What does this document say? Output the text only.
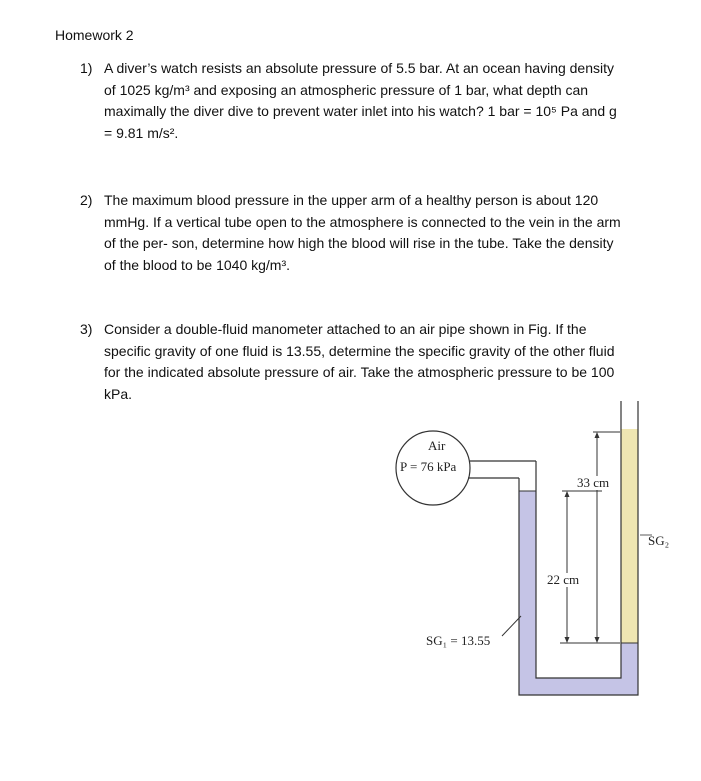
Homework 2
1) A diver’s watch resists an absolute pressure of 5.5 bar. At an ocean having density of 1025 kg/m³ and exposing an atmospheric pressure of 1 bar, what depth can maximally the diver dive to prevent water inlet into his watch? 1 bar = 10⁵ Pa and g = 9.81 m/s².
2) The maximum blood pressure in the upper arm of a healthy person is about 120 mmHg. If a vertical tube open to the atmosphere is connected to the vein in the arm of the per- son, determine how high the blood will rise in the tube. Take the density of the blood to be 1040 kg/m³.
3) Consider a double-fluid manometer attached to an air pipe shown in Fig. If the specific gravity of one fluid is 13.55, determine the specific gravity of the other fluid for the indicated absolute pressure of air. Take the atmospheric pressure to be 100 kPa.
Air
P = 76 kPa
33 cm
22 cm
SG₁ = 13.55
SG₂
